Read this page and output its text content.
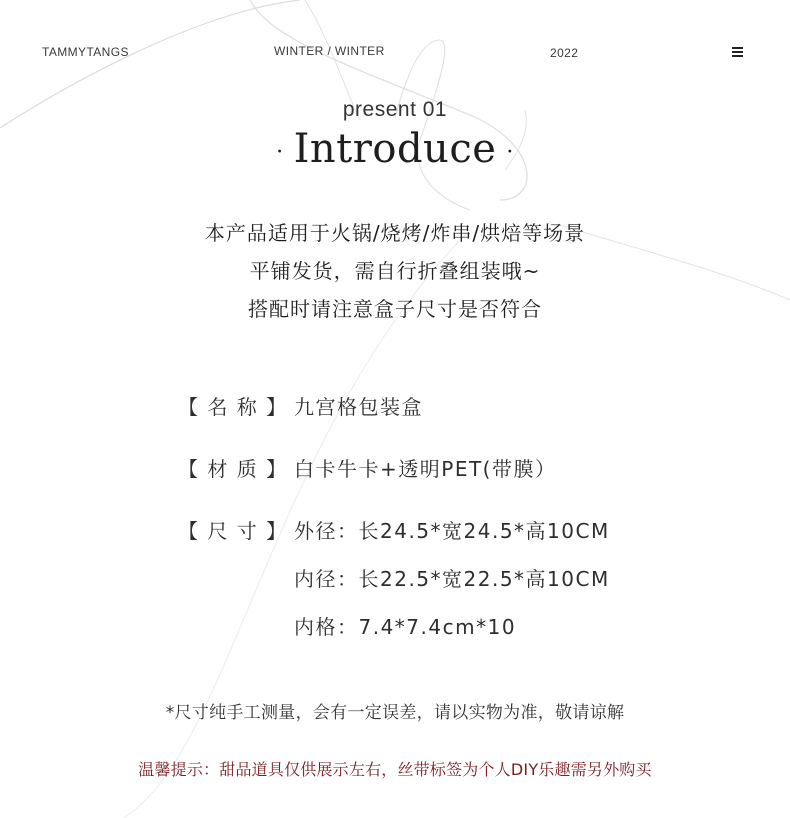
TAMMYTANGS	WINTER / WINTER	2022
present 01
· Introduce ·
本产品适用于火锅/烧烤/炸串/烘焙等场景
平铺发货，需自行折叠组装哦~
搭配时请注意盒子尺寸是否符合
【 名 称 】 九宫格包装盒
【 材 质 】 白卡牛卡+透明PET(带膜）
【 尺 寸 】 外径：长24.5*宽24.5*高10CM
内径：长22.5*宽22.5*高10CM
内格：7.4*7.4cm*10
*尺寸纯手工测量，会有一定误差，请以实物为准，敬请谅解
温馨提示：甜品道具仅供展示左右，丝带标签为个人DIY乐趣需另外购买
